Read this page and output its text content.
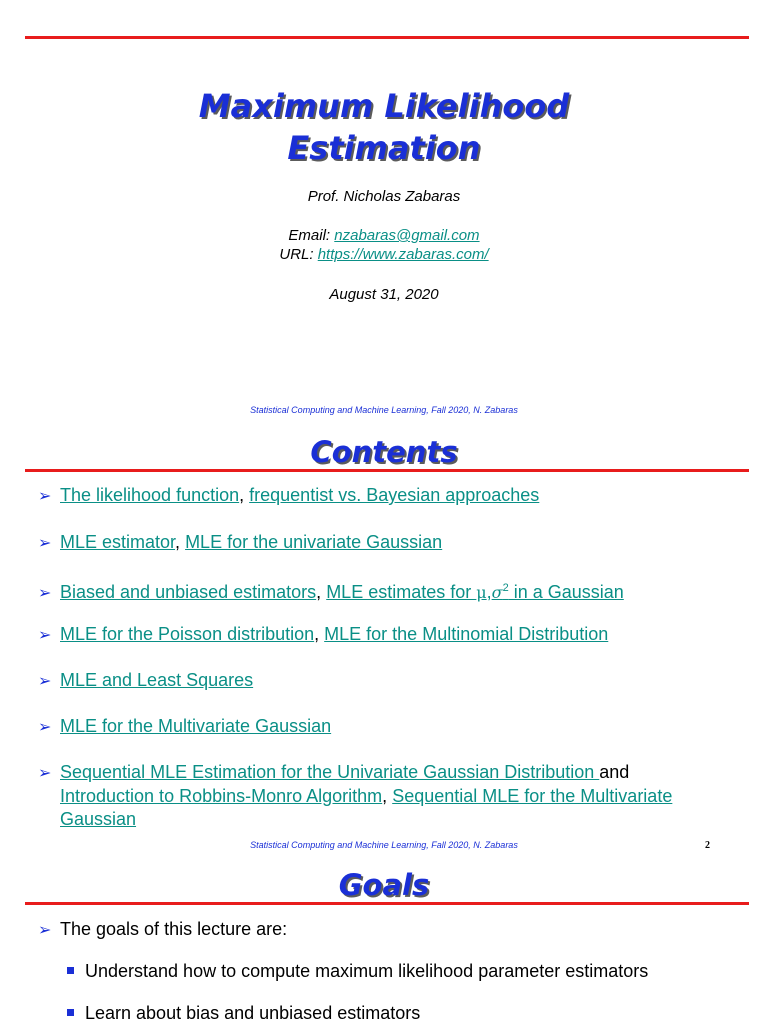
Maximum Likelihood
Estimation
Prof. Nicholas Zabaras
Email: nzabaras@gmail.com
URL: https://www.zabaras.com/
August 31, 2020
Statistical Computing and Machine Learning, Fall 2020, N. Zabaras
Contents
➢ The likelihood function, frequentist vs. Bayesian approaches
➢ MLE estimator, MLE for the univariate Gaussian
➢ Biased and unbiased estimators, MLE estimates for $\mu,\sigma^2$ in a Gaussian
➢ MLE for the Poisson distribution, MLE for the Multinomial Distribution
➢ MLE and Least Squares
➢ MLE for the Multivariate Gaussian
➢ Sequential MLE Estimation for the Univariate Gaussian Distribution and
Introduction to Robbins-Monro Algorithm, Sequential MLE for the Multivariate
Gaussian
Statistical Computing and Machine Learning, Fall 2020, N. Zabaras	2
Goals
➢ The goals of this lecture are:
Understand how to compute maximum likelihood parameter estimators
Learn about bias and unbiased estimators
